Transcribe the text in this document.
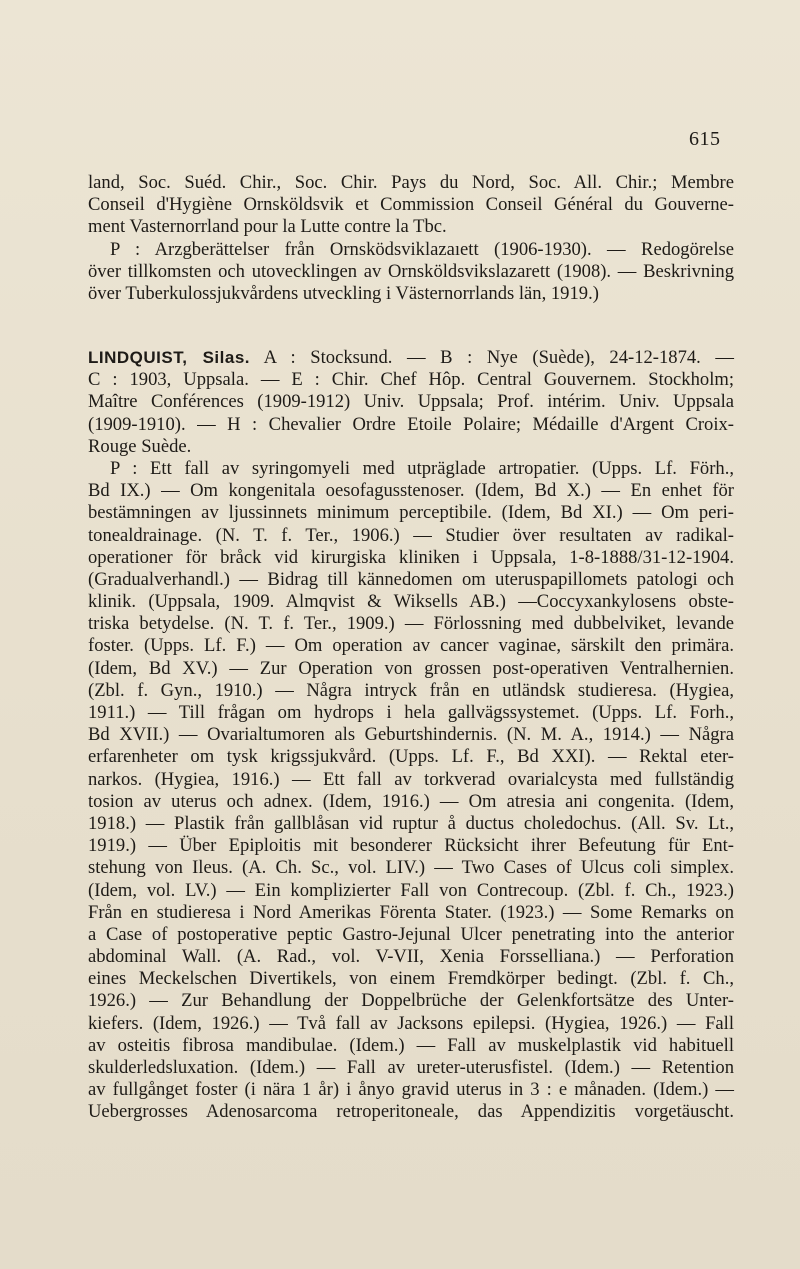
615
land, Soc. Suéd. Chir., Soc. Chir. Pays du Nord, Soc. All. Chir.; Membre
Conseil d'Hygiène Ornsköldsvik et Commission Conseil Général du Gouverne-
ment Vasternorrland pour la Lutte contre la Tbc.
P : Arzgberättelser från Ornsködsviklazaıett (1906-1930). — Redogörelse
över tillkomsten och utovecklingen av Ornsköldsvikslazarett (1908). — Beskrivning
över Tuberkulossjukvårdens utveckling i Västernorrlands län, 1919.)
LINDQUIST, Silas. A : Stocksund. — B : Nye (Suède), 24-12-1874. —
C : 1903, Uppsala. — E : Chir. Chef Hôp. Central Gouvernem. Stockholm;
Maître Conférences (1909-1912) Univ. Uppsala; Prof. intérim. Univ. Uppsala
(1909-1910). — H : Chevalier Ordre Etoile Polaire; Médaille d'Argent Croix-
Rouge Suède.
P : Ett fall av syringomyeli med utpräglade artropatier. (Upps. Lf. Förh.,
Bd IX.) — Om kongenitala oesofagusstenoser. (Idem, Bd X.) — En enhet för
bestämningen av ljussinnets minimum perceptibile. (Idem, Bd XI.) — Om peri-
tonealdrainage. (N. T. f. Ter., 1906.) — Studier över resultaten av radikal-
operationer för bråck vid kirurgiska kliniken i Uppsala, 1-8-1888/31-12-1904.
(Gradualverhandl.) — Bidrag till kännedomen om uteruspapillomets patologi och
klinik. (Uppsala, 1909. Almqvist & Wiksells AB.) —Coccyxankylosens obste-
triska betydelse. (N. T. f. Ter., 1909.) — Förlossning med dubbelviket, levande
foster. (Upps. Lf. F.) — Om operation av cancer vaginae, särskilt den primära.
(Idem, Bd XV.) — Zur Operation von grossen post-operativen Ventralhernien.
(Zbl. f. Gyn., 1910.) — Några intryck från en utländsk studieresa. (Hygiea,
1911.) — Till frågan om hydrops i hela gallvägssystemet. (Upps. Lf. Forh.,
Bd XVII.) — Ovarialtumoren als Geburtshindernis. (N. M. A., 1914.) — Några
erfarenheter om tysk krigssjukvård. (Upps. Lf. F., Bd XXI). — Rektal eter-
narkos. (Hygiea, 1916.) — Ett fall av torkverad ovarialcysta med fullständig
tosion av uterus och adnex. (Idem, 1916.) — Om atresia ani congenita. (Idem,
1918.) — Plastik från gallblåsan vid ruptur å ductus choledochus. (All. Sv. Lt.,
1919.) — Über Epiploitis mit besonderer Rücksicht ihrer Befeutung für Ent-
stehung von Ileus. (A. Ch. Sc., vol. LIV.) — Two Cases of Ulcus coli simplex.
(Idem, vol. LV.) — Ein komplizierter Fall von Contrecoup. (Zbl. f. Ch., 1923.)
Från en studieresa i Nord Amerikas Förenta Stater. (1923.) — Some Remarks on
a Case of postoperative peptic Gastro-Jejunal Ulcer penetrating into the anterior
abdominal Wall. (A. Rad., vol. V-VII, Xenia Forsselliana.) — Perforation
eines Meckelschen Divertikels, von einem Fremdkörper bedingt. (Zbl. f. Ch.,
1926.) — Zur Behandlung der Doppelbrüche der Gelenkfortsätze des Unter-
kiefers. (Idem, 1926.) — Två fall av Jacksons epilepsi. (Hygiea, 1926.) — Fall
av osteitis fibrosa mandibulae. (Idem.) — Fall av muskelplastik vid habituell
skulderledsluxation. (Idem.) — Fall av ureter-uterusfistel. (Idem.) — Retention
av fullgånget foster (i nära 1 år) i ånyo gravid uterus in 3 : e månaden. (Idem.) —
Uebergrosses Adenosarcoma retroperitoneale, das Appendizitis vorgetäuscht.
